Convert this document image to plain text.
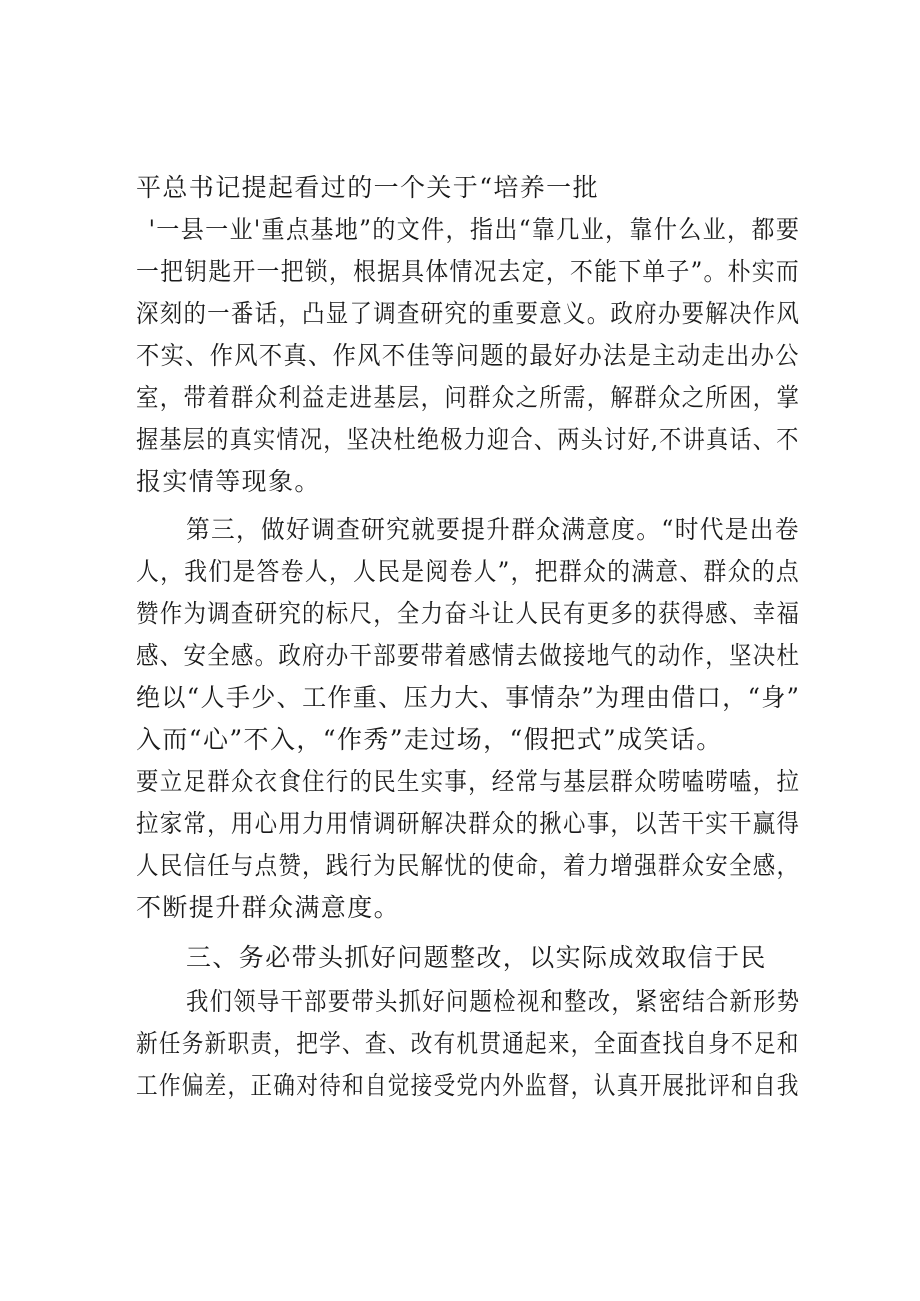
平总书记提起看过的一个关于“培养一批
'一县一业'重点基地”的文件，指出“靠几业，靠什么业，都要
一把钥匙开一把锁，根据具体情况去定，不能下单子”。朴实而
深刻的一番话，凸显了调查研究的重要意义。政府办要解决作风
不实、作风不真、作风不佳等问题的最好办法是主动走出办公
室，带着群众利益走进基层，问群众之所需，解群众之所困，掌
握基层的真实情况，坚决杜绝极力迎合、两头讨好,不讲真话、不
报实情等现象。
第三，做好调查研究就要提升群众满意度。“时代是出卷
人，我们是答卷人，人民是阅卷人”，把群众的满意、群众的点
赞作为调查研究的标尺，全力奋斗让人民有更多的获得感、幸福
感、安全感。政府办干部要带着感情去做接地气的动作，坚决杜
绝以“人手少、工作重、压力大、事情杂”为理由借口，“身”
入而“心”不入，“作秀”走过场，“假把式”成笑话。
要立足群众衣食住行的民生实事，经常与基层群众唠嗑唠嗑，拉
拉家常，用心用力用情调研解决群众的揪心事，以苦干实干赢得
人民信任与点赞，践行为民解忧的使命，着力增强群众安全感，
不断提升群众满意度。
三、务必带头抓好问题整改，以实际成效取信于民
我们领导干部要带头抓好问题检视和整改，紧密结合新形势
新任务新职责，把学、查、改有机贯通起来，全面查找自身不足和
工作偏差，正确对待和自觉接受党内外监督，认真开展批评和自我
